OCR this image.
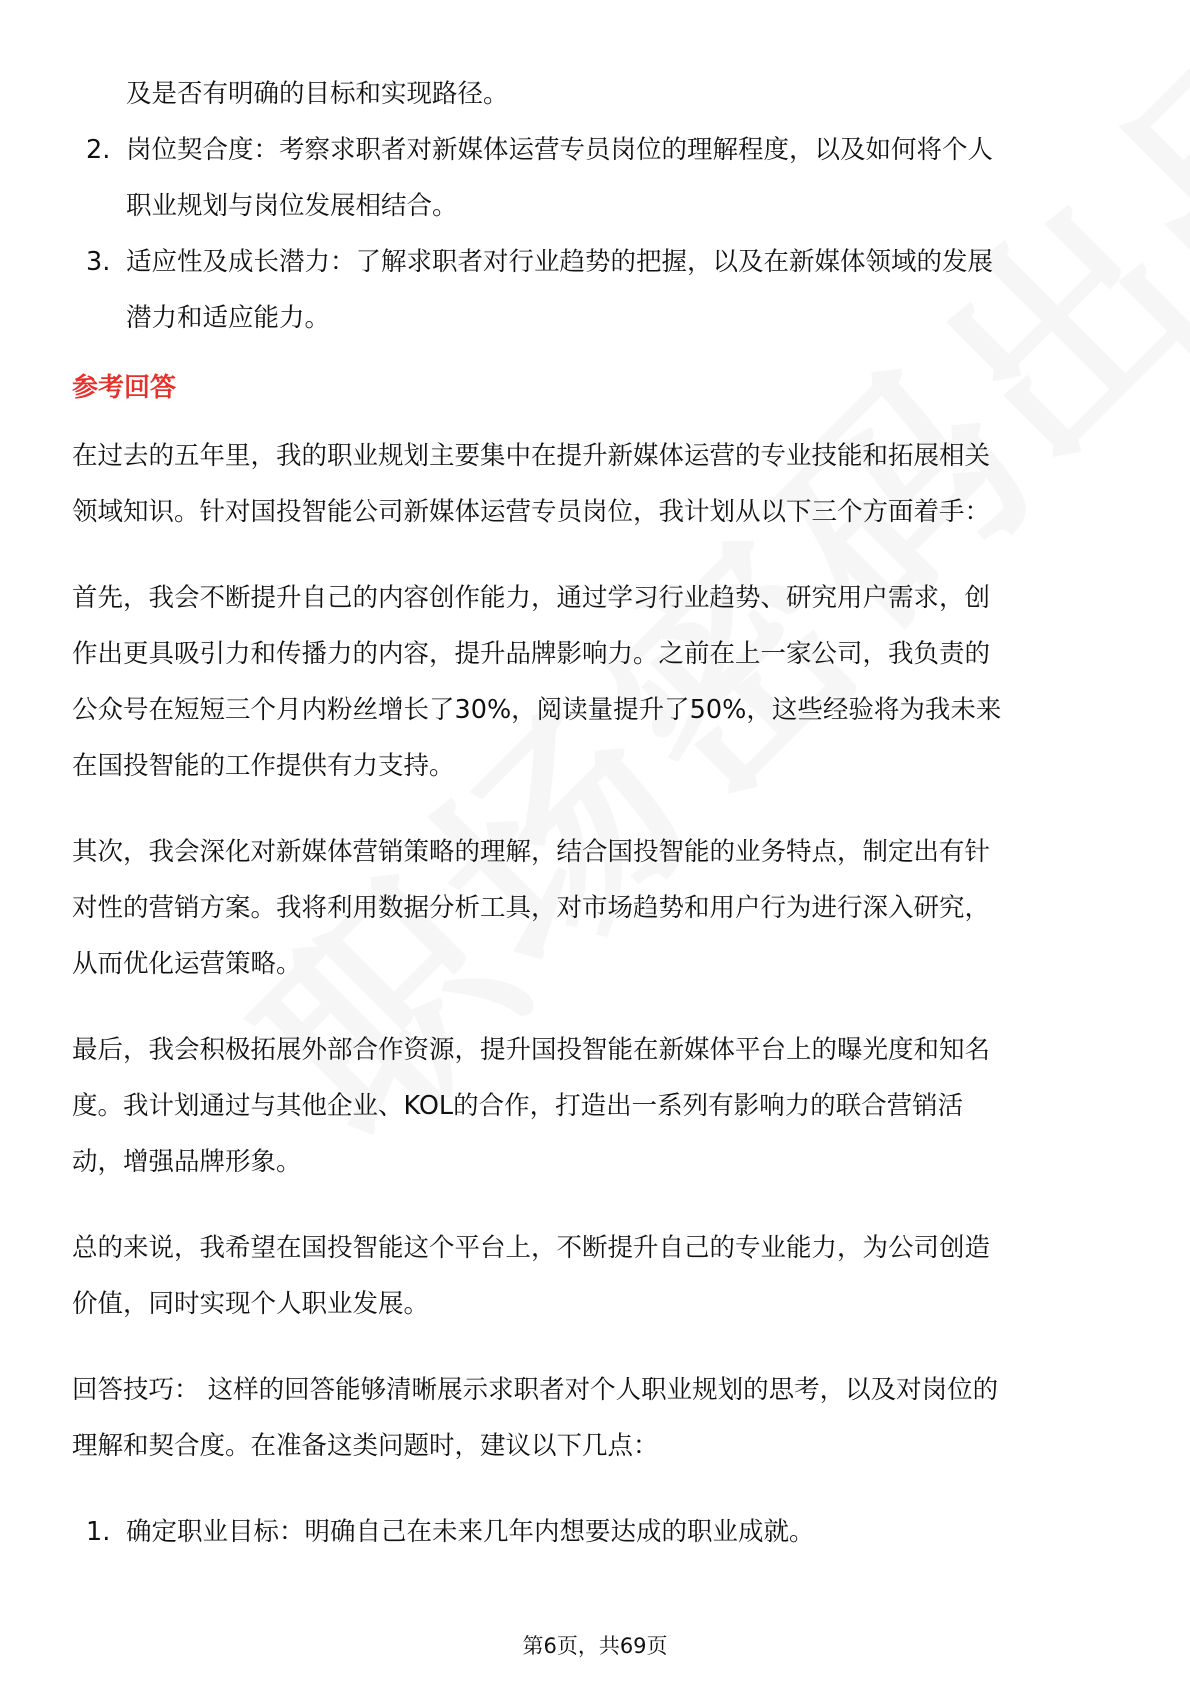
及是否有明确的目标和实现路径。
2. 岗位契合度：考察求职者对新媒体运营专员岗位的理解程度，以及如何将个人
职业规划与岗位发展相结合。
3. 适应性及成长潜力：了解求职者对行业趋势的把握，以及在新媒体领域的发展
潜力和适应能力。
参考回答
在过去的五年里，我的职业规划主要集中在提升新媒体运营的专业技能和拓展相关
领域知识。针对国投智能公司新媒体运营专员岗位，我计划从以下三个方面着手：
首先，我会不断提升自己的内容创作能力，通过学习行业趋势、研究用户需求，创
作出更具吸引力和传播力的内容，提升品牌影响力。之前在上一家公司，我负责的
公众号在短短三个月内粉丝增长了30%，阅读量提升了50%，这些经验将为我未来
在国投智能的工作提供有力支持。
其次，我会深化对新媒体营销策略的理解，结合国投智能的业务特点，制定出有针
对性的营销方案。我将利用数据分析工具，对市场趋势和用户行为进行深入研究，
从而优化运营策略。
最后，我会积极拓展外部合作资源，提升国投智能在新媒体平台上的曝光度和知名
度。我计划通过与其他企业、KOL的合作，打造出一系列有影响力的联合营销活
动，增强品牌形象。
总的来说，我希望在国投智能这个平台上，不断提升自己的专业能力，为公司创造
价值，同时实现个人职业发展。
回答技巧： 这样的回答能够清晰展示求职者对个人职业规划的思考，以及对岗位的
理解和契合度。在准备这类问题时，建议以下几点：
1. 确定职业目标：明确自己在未来几年内想要达成的职业成就。
第6页，共69页
